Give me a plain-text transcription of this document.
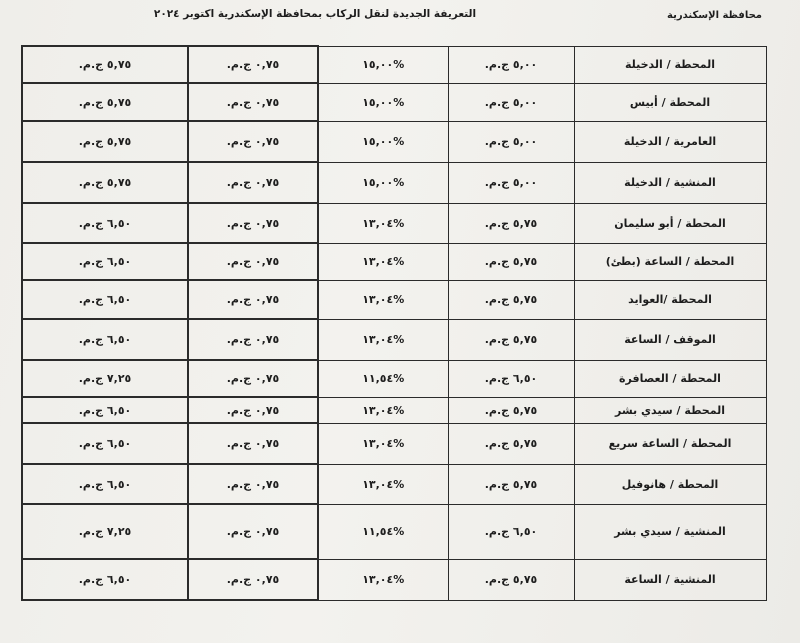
محافظة الإسكندرية
التعريفة الجديدة لنقل الركاب بمحافظة الإسكندرية اكتوبر ٢٠٢٤
٥,٧٥ ج.م.	٠,٧٥ ج.م.	%١٥,٠٠	٥,٠٠ ج.م.	المحطة / الدخيلة
٥,٧٥ ج.م.	٠,٧٥ ج.م.	%١٥,٠٠	٥,٠٠ ج.م.	المحطة / أبيس
٥,٧٥ ج.م.	٠,٧٥ ج.م.	%١٥,٠٠	٥,٠٠ ج.م.	العامرية / الدخيلة
٥,٧٥ ج.م.	٠,٧٥ ج.م.	%١٥,٠٠	٥,٠٠ ج.م.	المنشية / الدخيلة
٦,٥٠ ج.م.	٠,٧٥ ج.م.	%١٣,٠٤	٥,٧٥ ج.م.	المحطة / أبو سليمان
٦,٥٠ ج.م.	٠,٧٥ ج.م.	%١٣,٠٤	٥,٧٥ ج.م.	المحطة / الساعة (بطئ)
٦,٥٠ ج.م.	٠,٧٥ ج.م.	%١٣,٠٤	٥,٧٥ ج.م.	المحطة /العوايد
٦,٥٠ ج.م.	٠,٧٥ ج.م.	%١٣,٠٤	٥,٧٥ ج.م.	الموقف / الساعة
٧,٢٥ ج.م.	٠,٧٥ ج.م.	%١١,٥٤	٦,٥٠ ج.م.	المحطة / العصافرة
٦,٥٠ ج.م.	٠,٧٥ ج.م.	%١٣,٠٤	٥,٧٥ ج.م.	المحطة / سيدي بشر
٦,٥٠ ج.م.	٠,٧٥ ج.م.	%١٣,٠٤	٥,٧٥ ج.م.	المحطة / الساعة سريع
٦,٥٠ ج.م.	٠,٧٥ ج.م.	%١٣,٠٤	٥,٧٥ ج.م.	المحطة / هانوفيل
٧,٢٥ ج.م.	٠,٧٥ ج.م.	%١١,٥٤	٦,٥٠ ج.م.	المنشية / سيدي بشر
٦,٥٠ ج.م.	٠,٧٥ ج.م.	%١٣,٠٤	٥,٧٥ ج.م.	المنشية / الساعة
